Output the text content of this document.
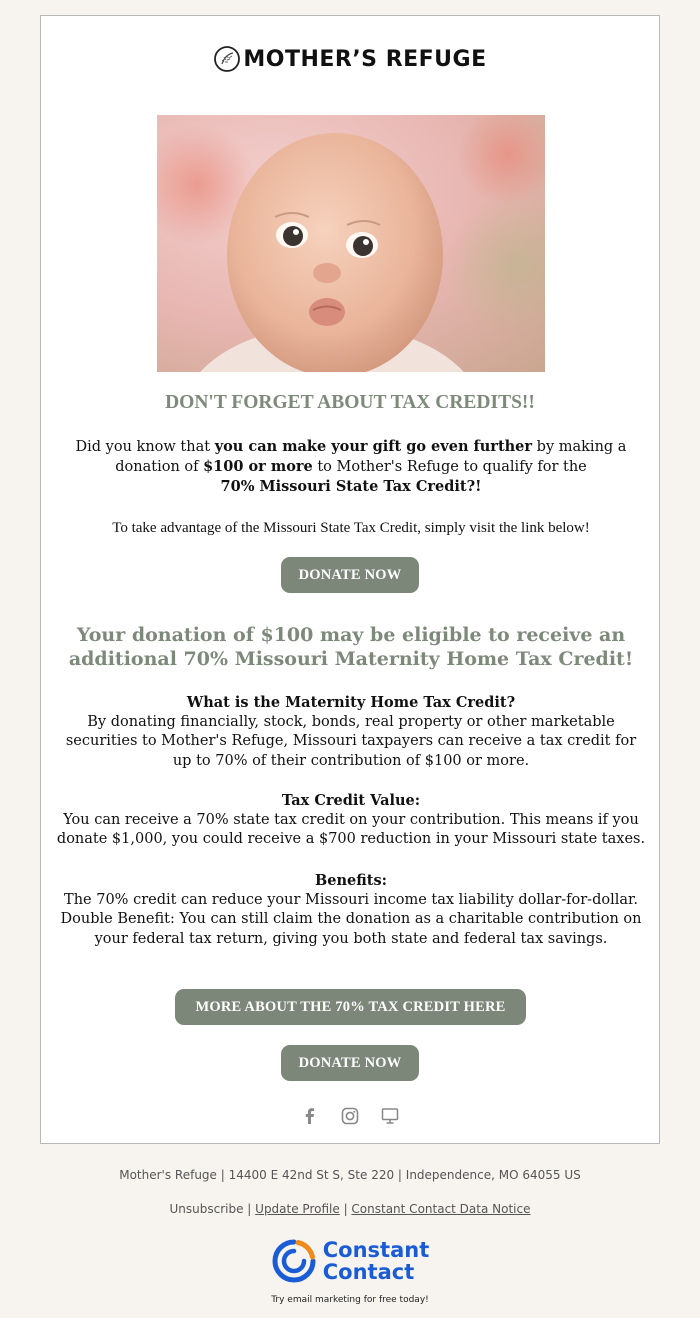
MOTHER’S REFUGE
DON'T FORGET ABOUT TAX CREDITS!!
Did you know that you can make your gift go even further by making a donation of $100 or more to Mother's Refuge to qualify for the
70% Missouri State Tax Credit?!
To take advantage of the Missouri State Tax Credit, simply visit the link below!
DONATE NOW
Your donation of $100 may be eligible to receive an additional 70% Missouri Maternity Home Tax Credit!
What is the Maternity Home Tax Credit?
By donating financially, stock, bonds, real property or other marketable securities to Mother's Refuge, Missouri taxpayers can receive a tax credit for up to 70% of their contribution of $100 or more.
Tax Credit Value:
You can receive a 70% state tax credit on your contribution. This means if you donate $1,000, you could receive a $700 reduction in your Missouri state taxes.
Benefits:
The 70% credit can reduce your Missouri income tax liability dollar-for-dollar. Double Benefit: You can still claim the donation as a charitable contribution on your federal tax return, giving you both state and federal tax savings.
MORE ABOUT THE 70% TAX CREDIT HERE
DONATE NOW
Mother's Refuge | 14400 E 42nd St S, Ste 220 | Independence, MO 64055 US
Unsubscribe | Update Profile | Constant Contact Data Notice
Constant
Contact
Try email marketing for free today!
